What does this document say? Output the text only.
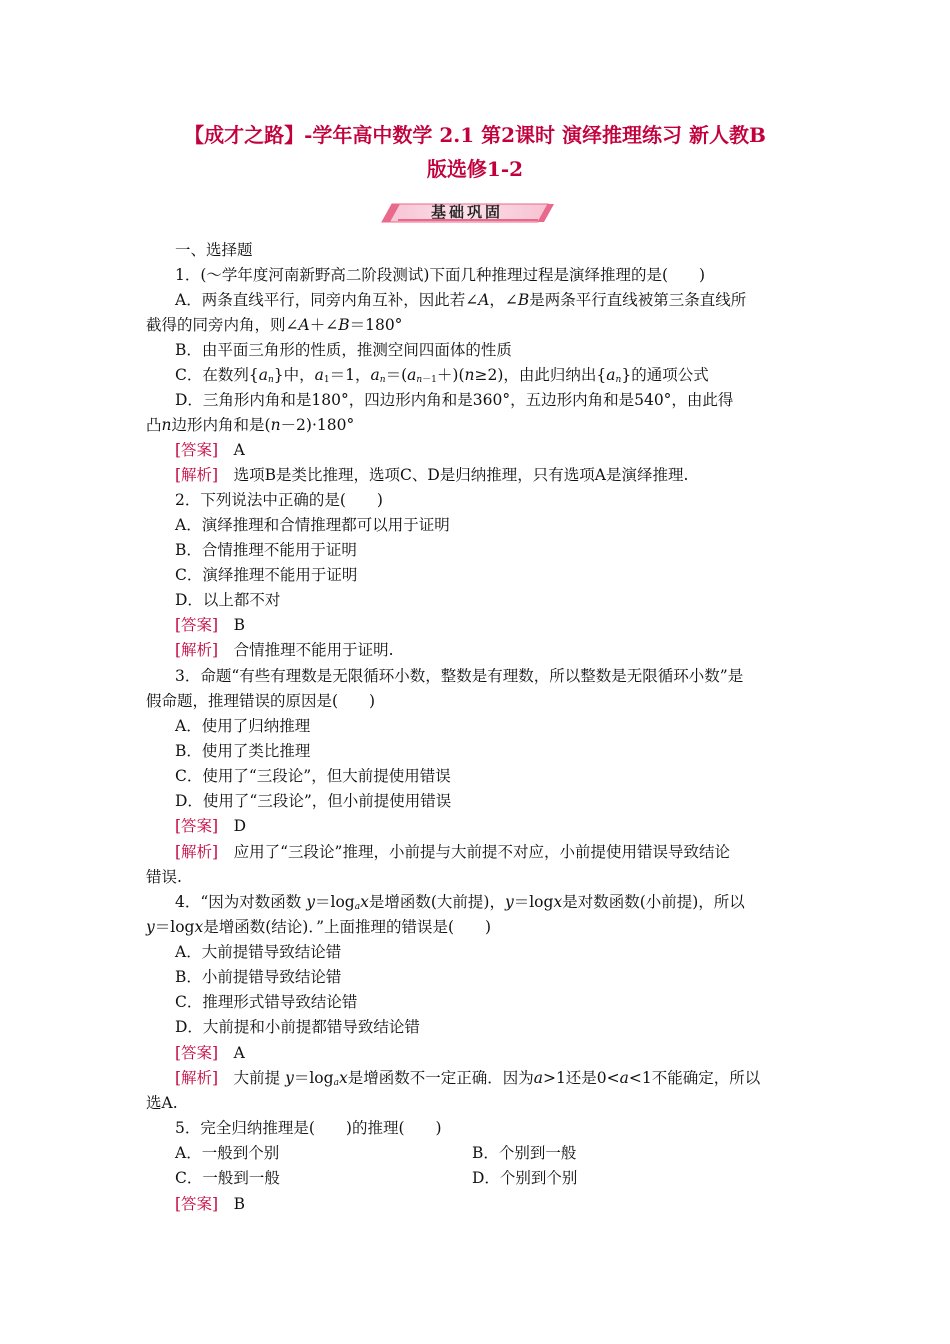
【成才之路】-学年高中数学 2.1 第2课时 演绎推理练习 新人教B
版选修1-2
基础巩固
一、选择题
1．(～学年度河南新野高二阶段测试)下面几种推理过程是演绎推理的是(　　)
A．两条直线平行，同旁内角互补，因此若∠A，∠B是两条平行直线被第三条直线所
截得的同旁内角，则∠A＋∠B＝180°
B．由平面三角形的性质，推测空间四面体的性质
C．在数列$\{a_n\}$中，$a_1=1$，$a_n=(a_{n-1}+)(n\ge 2)$，由此归纳出$\{a_n\}$的通项公式
D．三角形内角和是180°，四边形内角和是360°，五边形内角和是540°，由此得
凸n边形内角和是(n－2)·180°
[答案]　 A
[解析]　 选项B是类比推理，选项C、D是归纳推理，只有选项A是演绎推理.
2．下列说法中正确的是(　　)
A．演绎推理和合情推理都可以用于证明
B．合情推理不能用于证明
C．演绎推理不能用于证明
D．以上都不对
[答案]　 B
[解析]　 合情推理不能用于证明.
3．命题“有些有理数是无限循环小数，整数是有理数，所以整数是无限循环小数”是
假命题，推理错误的原因是(　　)
A．使用了归纳推理
B．使用了类比推理
C．使用了“三段论”，但大前提使用错误
D．使用了“三段论”，但小前提使用错误
[答案]　 D
[解析]　 应用了“三段论”推理，小前提与大前提不对应，小前提使用错误导致结论
错误.
4．“因为对数函数 $y=\log_ax$是增函数(大前提)，y＝logx是对数函数(小前提)，所以
y＝logx是增函数(结论)．”上面推理的错误是(　　)
A．大前提错导致结论错
B．小前提错导致结论错
C．推理形式错导致结论错
D．大前提和小前提都错导致结论错
[答案]　 A
[解析]　 大前提 $y=\log_ax$是增函数不一定正确．因为a>1还是0<a<1不能确定，所以
选A.
5．完全归纳推理是(　　)的推理(　　)
A．一般到个别	B．个别到一般
C．一般到一般	D．个别到个别
[答案]　 B
